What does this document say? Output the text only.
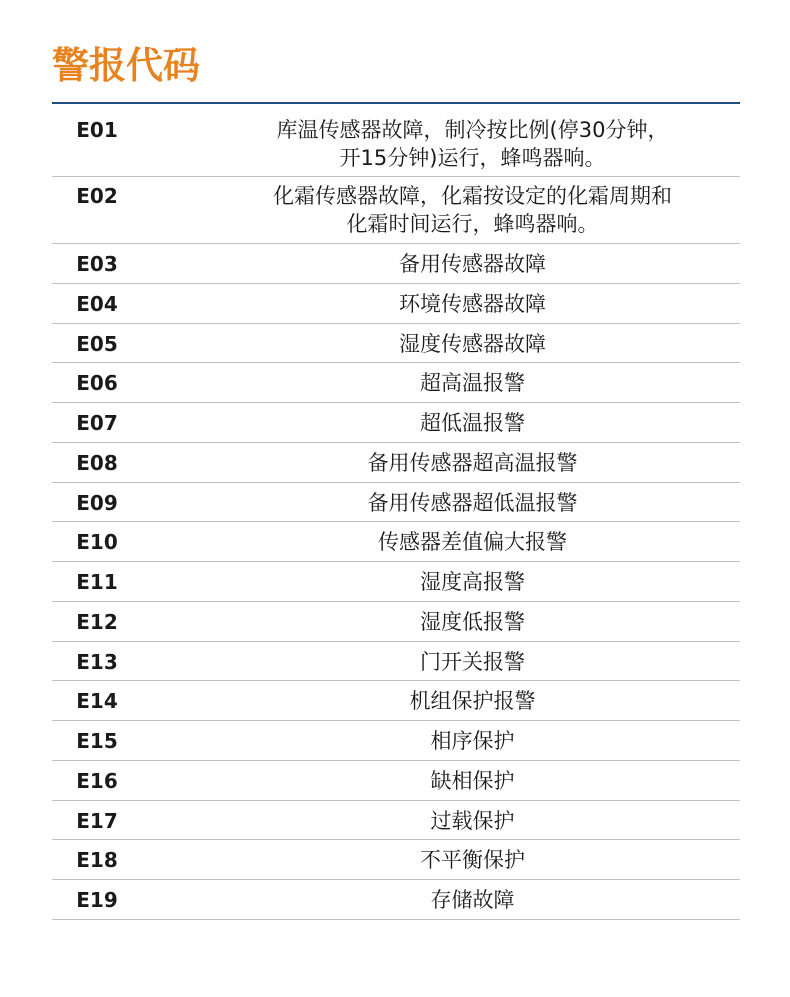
警报代码
E01	库温传感器故障，制冷按比例(停30分钟，
开15分钟)运行，蜂鸣器响。
E02	化霜传感器故障，化霜按设定的化霜周期和
化霜时间运行，蜂鸣器响。
E03	备用传感器故障
E04	环境传感器故障
E05	湿度传感器故障
E06	超高温报警
E07	超低温报警
E08	备用传感器超高温报警
E09	备用传感器超低温报警
E10	传感器差值偏大报警
E11	湿度高报警
E12	湿度低报警
E13	门开关报警
E14	机组保护报警
E15	相序保护
E16	缺相保护
E17	过载保护
E18	不平衡保护
E19	存储故障
